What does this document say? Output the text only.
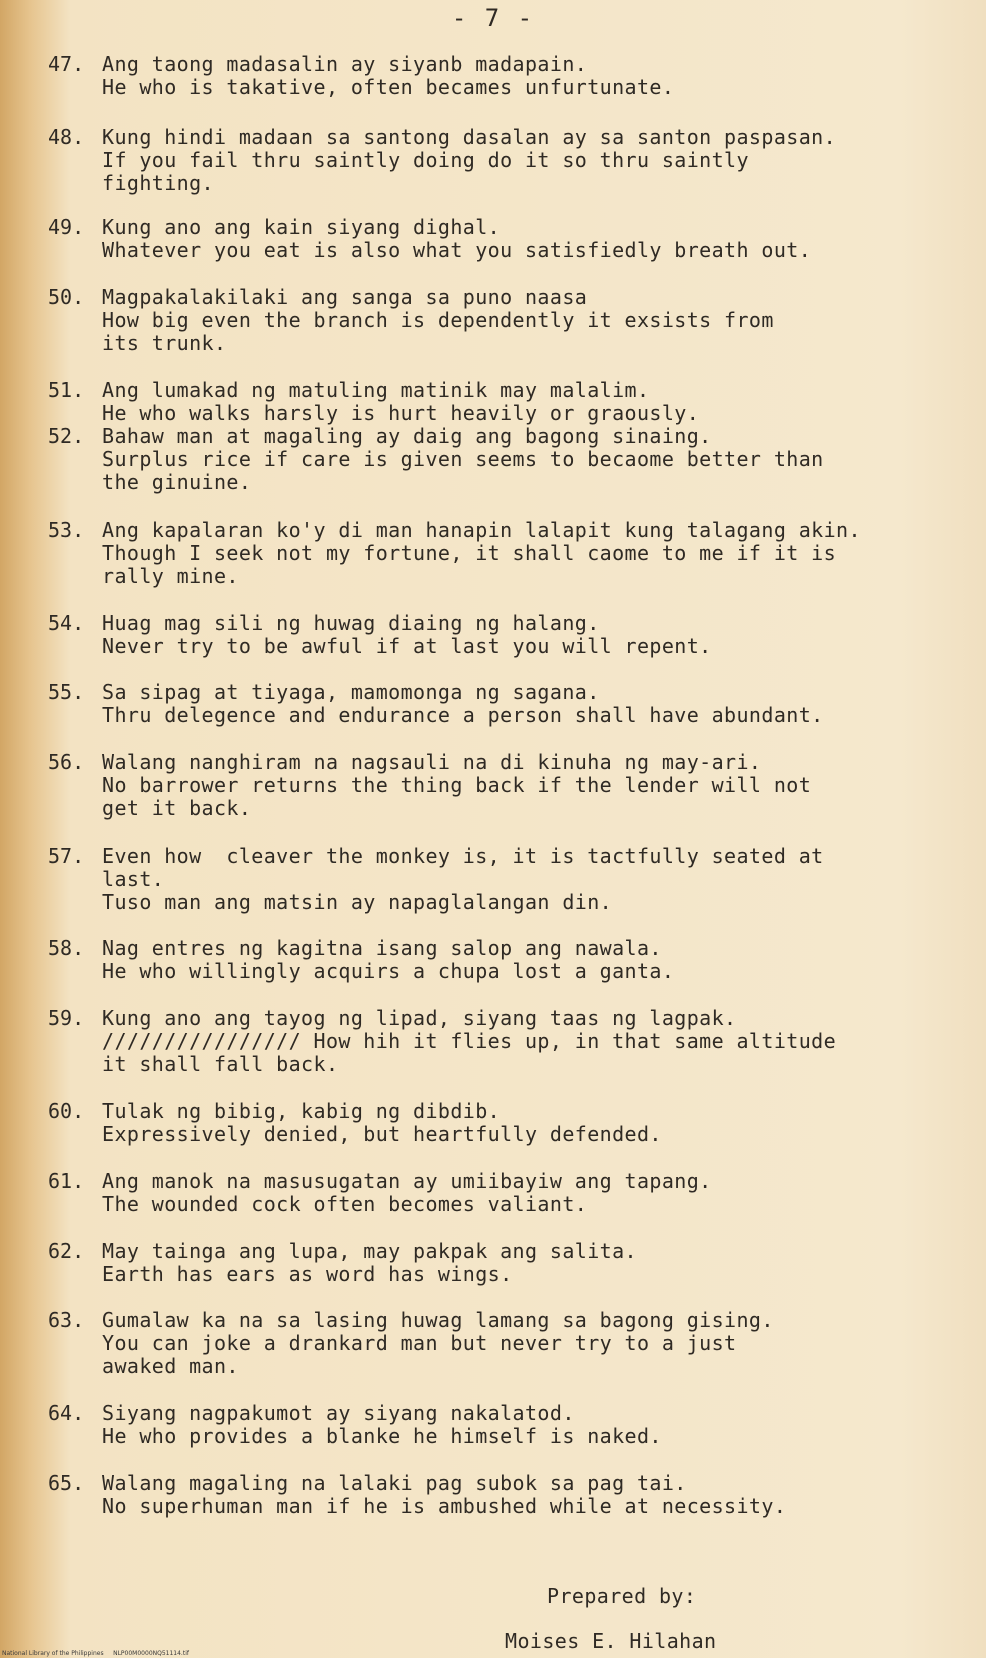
- 7 -
47. Ang taong madasalin ay siyanb madapain.
He who is takative, often becames unfurtunate.
48. Kung hindi madaan sa santong dasalan ay sa santon paspasan.
If you fail thru saintly doing do it so thru saintly
fighting.
49. Kung ano ang kain siyang dighal.
Whatever you eat is also what you satisfiedly breath out.
50. Magpakalakilaki ang sanga sa puno naasa
How big even the branch is dependently it exsists from
its trunk.
51. Ang lumakad ng matuling matinik may malalim.
He who walks harsly is hurt heavily or graously.
52. Bahaw man at magaling ay daig ang bagong sinaing.
Surplus rice if care is given seems to becaome better than
the ginuine.
53. Ang kapalaran ko'y di man hanapin lalapit kung talagang akin.
Though I seek not my fortune, it shall caome to me if it is
rally mine.
54. Huag mag sili ng huwag diaing ng halang.
Never try to be awful if at last you will repent.
55. Sa sipag at tiyaga, mamomonga ng sagana.
Thru delegence and endurance a person shall have abundant.
56. Walang nanghiram na nagsauli na di kinuha ng may-ari.
No barrower returns the thing back if the lender will not
get it back.
57. Even how  cleaver the monkey is, it is tactfully seated at
last.
Tuso man ang matsin ay napaglalangan din.
58. Nag entres ng kagitna isang salop ang nawala.
He who willingly acquirs a chupa lost a ganta.
59. Kung ano ang tayog ng lipad, siyang taas ng lagpak.
//////////////// How hih it flies up, in that same altitude
it shall fall back.
60. Tulak ng bibig, kabig ng dibdib.
Expressively denied, but heartfully defended.
61. Ang manok na masusugatan ay umiibayiw ang tapang.
The wounded cock often becomes valiant.
62. May tainga ang lupa, may pakpak ang salita.
Earth has ears as word has wings.
63. Gumalaw ka na sa lasing huwag lamang sa bagong gising.
You can joke a drankard man but never try to a just
awaked man.
64. Siyang nagpakumot ay siyang nakalatod.
He who provides a blanke he himself is naked.
65. Walang magaling na lalaki pag subok sa pag tai.
No superhuman man if he is ambushed while at necessity.
Prepared by:
Moises E. Hilahan
National Library of the Philippines     NLP00M0000NQ51114.tif
